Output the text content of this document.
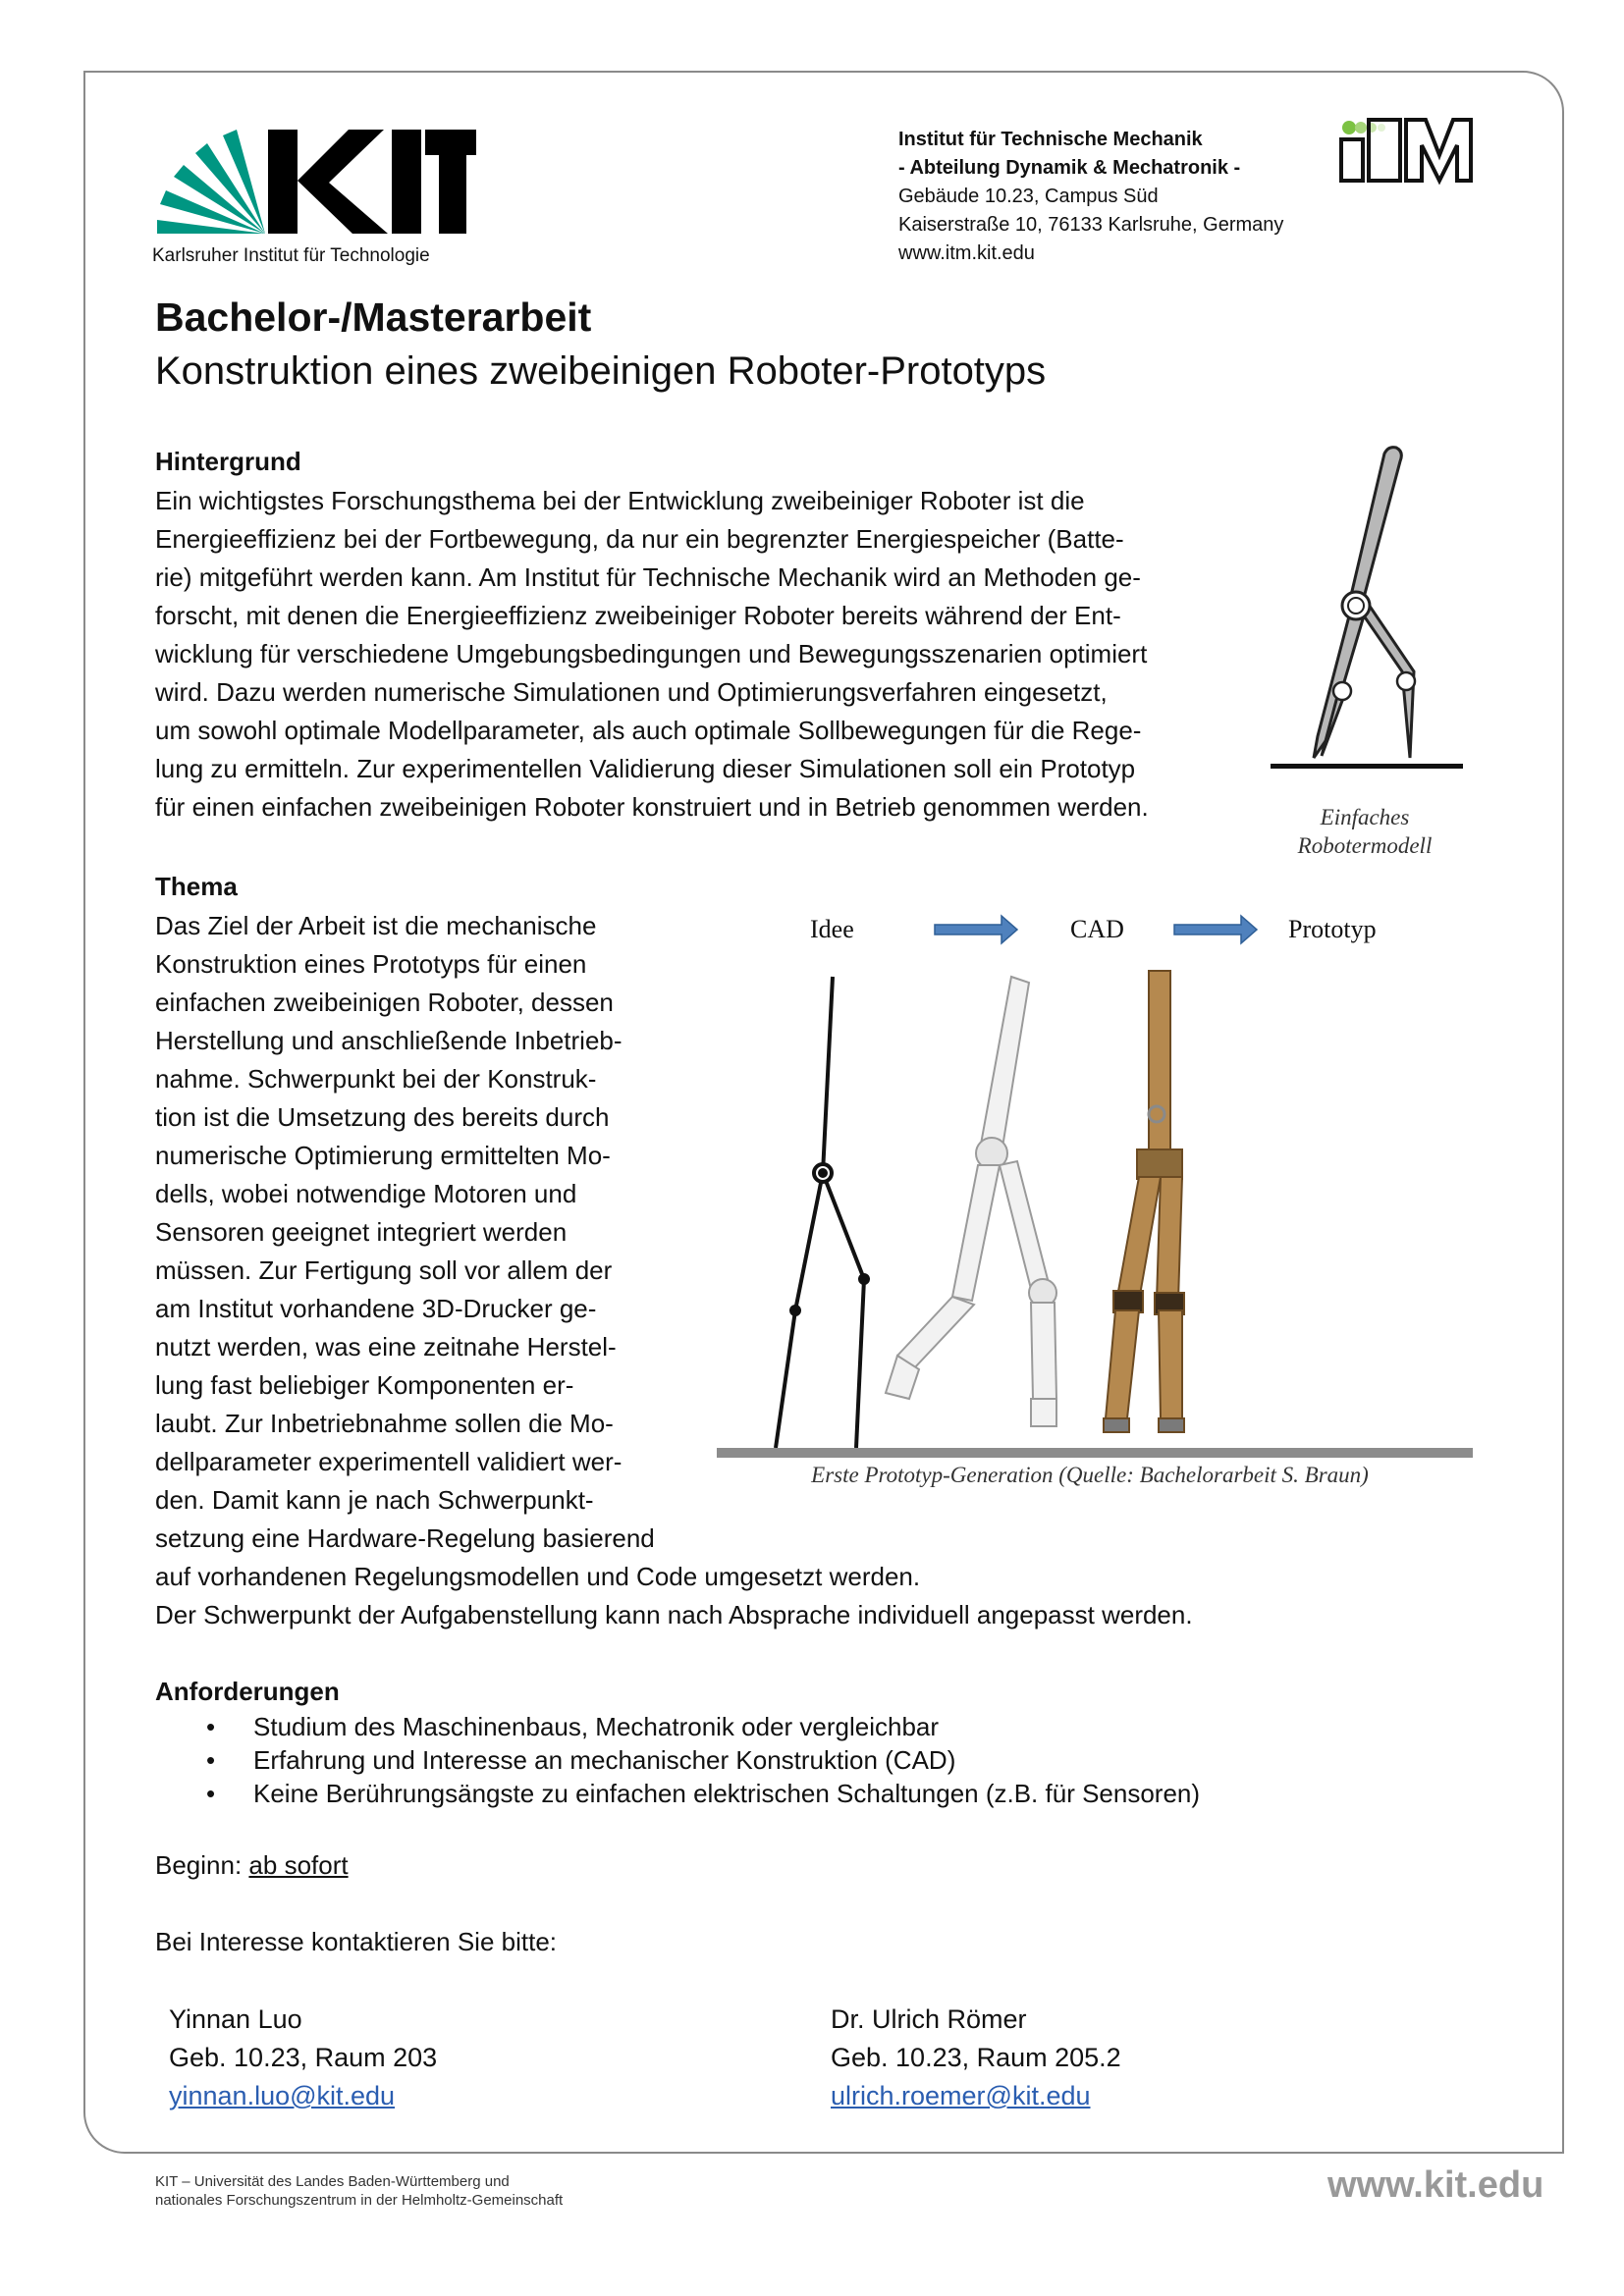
Karlsruher Institut für Technologie
Institut für Technische Mechanik
- Abteilung Dynamik & Mechatronik -
Gebäude 10.23, Campus Süd
Kaiserstraße 10, 76133 Karlsruhe, Germany
www.itm.kit.edu
Bachelor-/Masterarbeit
Konstruktion eines zweibeinigen Roboter-Prototyps
Hintergrund
Ein wichtigstes Forschungsthema bei der Entwicklung zweibeiniger Roboter ist die
Energieeffizienz bei der Fortbewegung, da nur ein begrenzter Energiespeicher (Batte-
rie) mitgeführt werden kann. Am Institut für Technische Mechanik wird an Methoden ge-
forscht, mit denen die Energieeffizienz zweibeiniger Roboter bereits während der Ent-
wicklung für verschiedene Umgebungsbedingungen und Bewegungsszenarien optimiert
wird. Dazu werden numerische Simulationen und Optimierungsverfahren eingesetzt,
um sowohl optimale Modellparameter, als auch optimale Sollbewegungen für die Rege-
lung zu ermitteln. Zur experimentellen Validierung dieser Simulationen soll ein Prototyp
für einen einfachen zweibeinigen Roboter konstruiert und in Betrieb genommen werden.	Einfaches
Robotermodell
Thema
Das Ziel der Arbeit ist die mechanische
Konstruktion eines Prototyps für einen
einfachen zweibeinigen Roboter, dessen
Herstellung und anschließende Inbetrieb-
nahme. Schwerpunkt bei der Konstruk-
tion ist die Umsetzung des bereits durch
numerische Optimierung ermittelten Mo-
dells, wobei notwendige Motoren und
Sensoren geeignet integriert werden
müssen. Zur Fertigung soll vor allem der
am Institut vorhandene 3D-Drucker ge-
nutzt werden, was eine zeitnahe Herstel-
lung fast beliebiger Komponenten er-
laubt. Zur Inbetriebnahme sollen die Mo-
dellparameter experimentell validiert wer-
den. Damit kann je nach Schwerpunkt-
setzung eine Hardware-Regelung basierend
auf vorhandenen Regelungsmodellen und Code umgesetzt werden.
Der Schwerpunkt der Aufgabenstellung kann nach Absprache individuell angepasst werden.
Idee	CAD	Prototyp
Erste Prototyp-Generation (Quelle: Bachelorarbeit S. Braun)
Anforderungen
• Studium des Maschinenbaus, Mechatronik oder vergleichbar
• Erfahrung und Interesse an mechanischer Konstruktion (CAD)
• Keine Berührungsängste zu einfachen elektrischen Schaltungen (z.B. für Sensoren)
Beginn: ab sofort
Bei Interesse kontaktieren Sie bitte:
Yinnan Luo
Geb. 10.23, Raum 203
yinnan.luo@kit.edu
Dr. Ulrich Römer
Geb. 10.23, Raum 205.2
ulrich.roemer@kit.edu
KIT – Universität des Landes Baden-Württemberg und
nationales Forschungszentrum in der Helmholtz-Gemeinschaft	www.kit.edu
